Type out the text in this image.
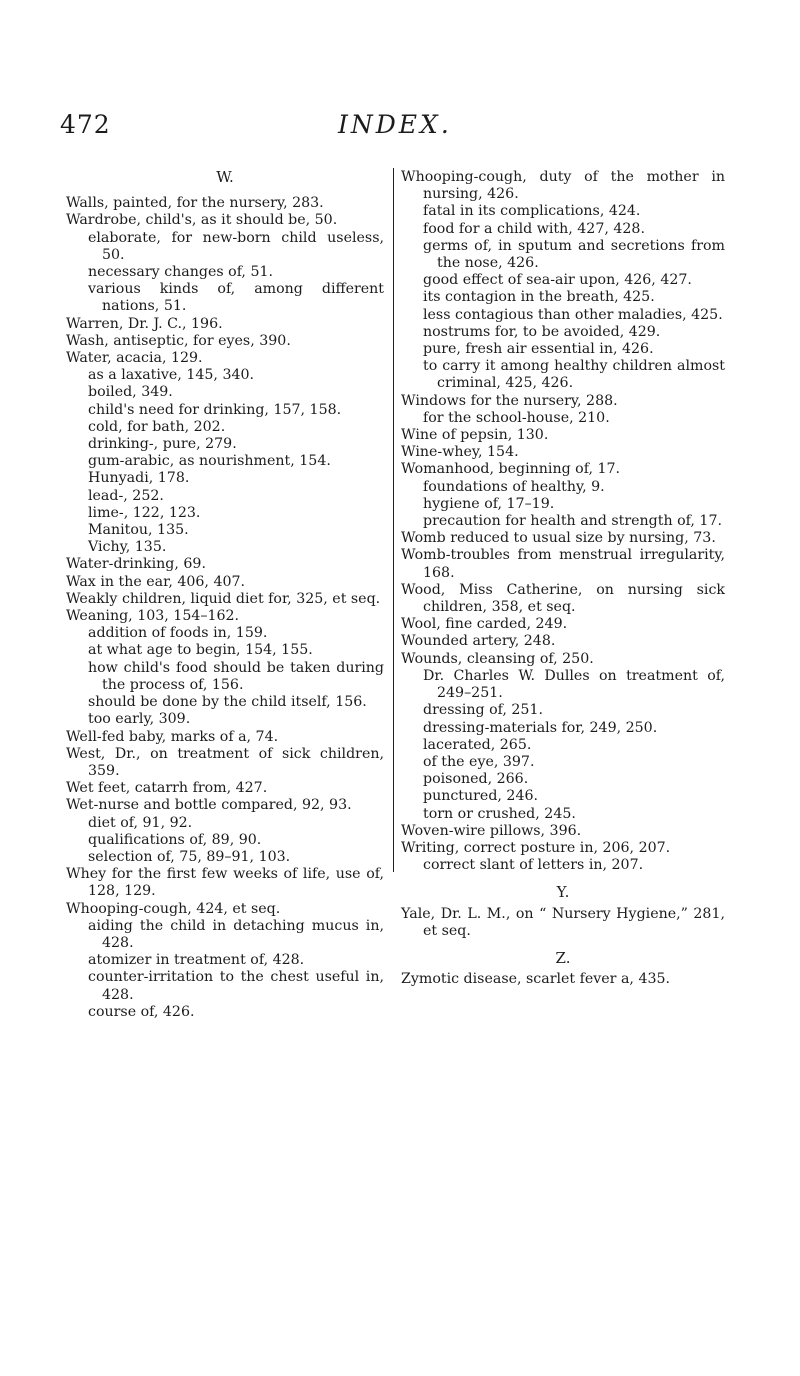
472	INDEX.
W.
Walls, painted, for the nursery, 283.
Wardrobe, child's, as it should be, 50.
elaborate, for new-born child useless, 50.
necessary changes of, 51.
various kinds of, among different nations, 51.
Warren, Dr. J. C., 196.
Wash, antiseptic, for eyes, 390.
Water, acacia, 129.
as a laxative, 145, 340.
boiled, 349.
child's need for drinking, 157, 158.
cold, for bath, 202.
drinking-, pure, 279.
gum-arabic, as nourishment, 154.
Hunyadi, 178.
lead-, 252.
lime-, 122, 123.
Manitou, 135.
Vichy, 135.
Water-drinking, 69.
Wax in the ear, 406, 407.
Weakly children, liquid diet for, 325, et seq.
Weaning, 103, 154–162.
addition of foods in, 159.
at what age to begin, 154, 155.
how child's food should be taken during the process of, 156.
should be done by the child itself, 156.
too early, 309.
Well-fed baby, marks of a, 74.
West, Dr., on treatment of sick children, 359.
Wet feet, catarrh from, 427.
Wet-nurse and bottle compared, 92, 93.
diet of, 91, 92.
qualifications of, 89, 90.
selection of, 75, 89–91, 103.
Whey for the first few weeks of life, use of, 128, 129.
Whooping-cough, 424, et seq.
aiding the child in detaching mucus in, 428.
atomizer in treatment of, 428.
counter-irritation to the chest useful in, 428.
course of, 426.
Whooping-cough, duty of the mother in nursing, 426.
fatal in its complications, 424.
food for a child with, 427, 428.
germs of, in sputum and secretions from the nose, 426.
good effect of sea-air upon, 426, 427.
its contagion in the breath, 425.
less contagious than other maladies, 425.
nostrums for, to be avoided, 429.
pure, fresh air essential in, 426.
to carry it among healthy children almost criminal, 425, 426.
Windows for the nursery, 288.
for the school-house, 210.
Wine of pepsin, 130.
Wine-whey, 154.
Womanhood, beginning of, 17.
foundations of healthy, 9.
hygiene of, 17–19.
precaution for health and strength of, 17.
Womb reduced to usual size by nursing, 73.
Womb-troubles from menstrual irregularity, 168.
Wood, Miss Catherine, on nursing sick children, 358, et seq.
Wool, fine carded, 249.
Wounded artery, 248.
Wounds, cleansing of, 250.
Dr. Charles W. Dulles on treatment of, 249–251.
dressing of, 251.
dressing-materials for, 249, 250.
lacerated, 265.
of the eye, 397.
poisoned, 266.
punctured, 246.
torn or crushed, 245.
Woven-wire pillows, 396.
Writing, correct posture in, 206, 207.
correct slant of letters in, 207.
Y.
Yale, Dr. L. M., on “ Nursery Hygiene,” 281, et seq.
Z.
Zymotic disease, scarlet fever a, 435.
